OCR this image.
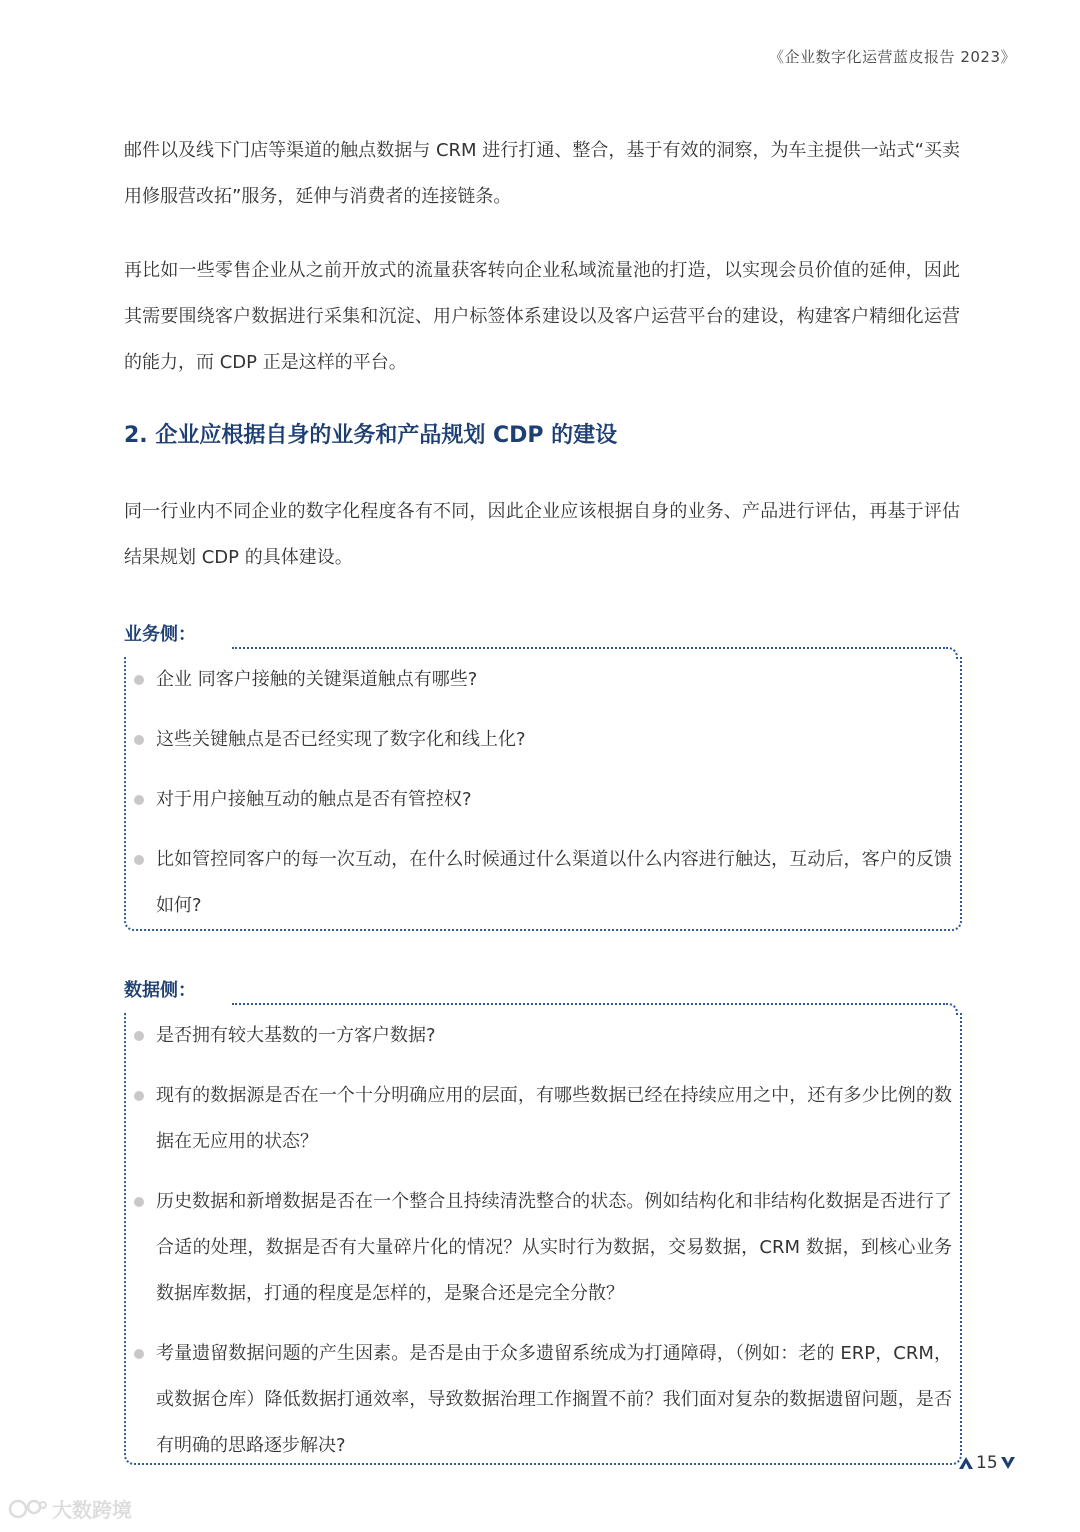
《企业数字化运营蓝皮报告 2023》

邮件以及线下门店等渠道的触点数据与 CRM 进行打通、整合，基于有效的洞察，为车主提供一站式“买卖用修服营改拓”服务，延伸与消费者的连接链条。

再比如一些零售企业从之前开放式的流量获客转向企业私域流量池的打造，以实现会员价值的延伸，因此其需要围绕客户数据进行采集和沉淀、用户标签体系建设以及客户运营平台的建设，构建客户精细化运营的能力，而 CDP 正是这样的平台。

2. 企业应根据自身的业务和产品规划 CDP 的建设

同一行业内不同企业的数字化程度各有不同，因此企业应该根据自身的业务、产品进行评估，再基于评估结果规划 CDP 的具体建设。

业务侧：
企业 同客户接触的关键渠道触点有哪些?
这些关键触点是否已经实现了数字化和线上化?
对于用户接触互动的触点是否有管控权?
比如管控同客户的每一次互动，在什么时候通过什么渠道以什么内容进行触达，互动后，客户的反馈如何?
数据侧：
是否拥有较大基数的一方客户数据?
现有的数据源是否在一个十分明确应用的层面，有哪些数据已经在持续应用之中，还有多少比例的数据在无应用的状态？
历史数据和新增数据是否在一个整合且持续清洗整合的状态。例如结构化和非结构化数据是否进行了合适的处理，数据是否有大量碎片化的情况？从实时行为数据，交易数据，CRM 数据，到核心业务数据库数据，打通的程度是怎样的，是聚合还是完全分散？
考量遗留数据问题的产生因素。是否是由于众多遗留系统成为打通障碍，（例如：老的 ERP，CRM，或数据仓库）降低数据打通效率，导致数据治理工作搁置不前？我们面对复杂的数据遗留问题，是否有明确的思路逐步解决?
15
大数跨境
